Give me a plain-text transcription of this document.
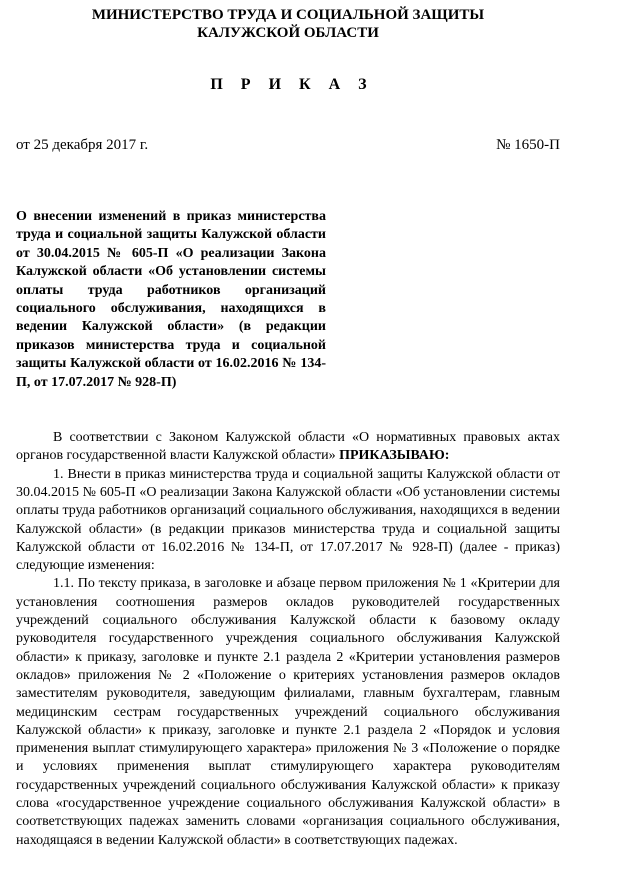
МИНИСТЕРСТВО ТРУДА И СОЦИАЛЬНОЙ ЗАЩИТЫ
КАЛУЖСКОЙ ОБЛАСТИ

П Р И К А З

от 25 декабря 2017 г.	№ 1650-П

О внесении изменений в приказ министерства труда и социальной защиты Калужской области от 30.04.2015 № 605-П «О реализации Закона Калужской области «Об установлении системы оплаты труда работников организаций социального обслуживания, находящихся в ведении Калужской области» (в редакции приказов министерства труда и социальной защиты Калужской области от 16.02.2016 № 134-П, от 17.07.2017 № 928-П)

В соответствии с Законом Калужской области «О нормативных правовых актах органов государственной власти Калужской области» ПРИКАЗЫВАЮ:

1. Внести в приказ министерства труда и социальной защиты Калужской области от 30.04.2015 № 605-П «О реализации Закона Калужской области «Об установлении системы оплаты труда работников организаций социального обслуживания, находящихся в ведении Калужской области» (в редакции приказов министерства труда и социальной защиты Калужской области от 16.02.2016 № 134-П, от 17.07.2017 № 928-П) (далее - приказ) следующие изменения:

1.1. По тексту приказа, в заголовке и абзаце первом приложения № 1 «Критерии для установления соотношения размеров окладов руководителей государственных учреждений социального обслуживания Калужской области к базовому окладу руководителя государственного учреждения социального обслуживания Калужской области» к приказу, заголовке и пункте 2.1 раздела 2 «Критерии установления размеров окладов» приложения № 2 «Положение о критериях установления размеров окладов заместителям руководителя, заведующим филиалами, главным бухгалтерам, главным медицинским сестрам государственных учреждений социального обслуживания Калужской области» к приказу, заголовке и пункте 2.1 раздела 2 «Порядок и условия применения выплат стимулирующего характера» приложения № 3 «Положение о порядке и условиях применения выплат стимулирующего характера руководителям государственных учреждений социального обслуживания Калужской области» к приказу слова «государственное учреждение социального обслуживания Калужской области» в соответствующих падежах заменить словами «организация социального обслуживания, находящаяся в ведении Калужской области» в соответствующих падежах.
